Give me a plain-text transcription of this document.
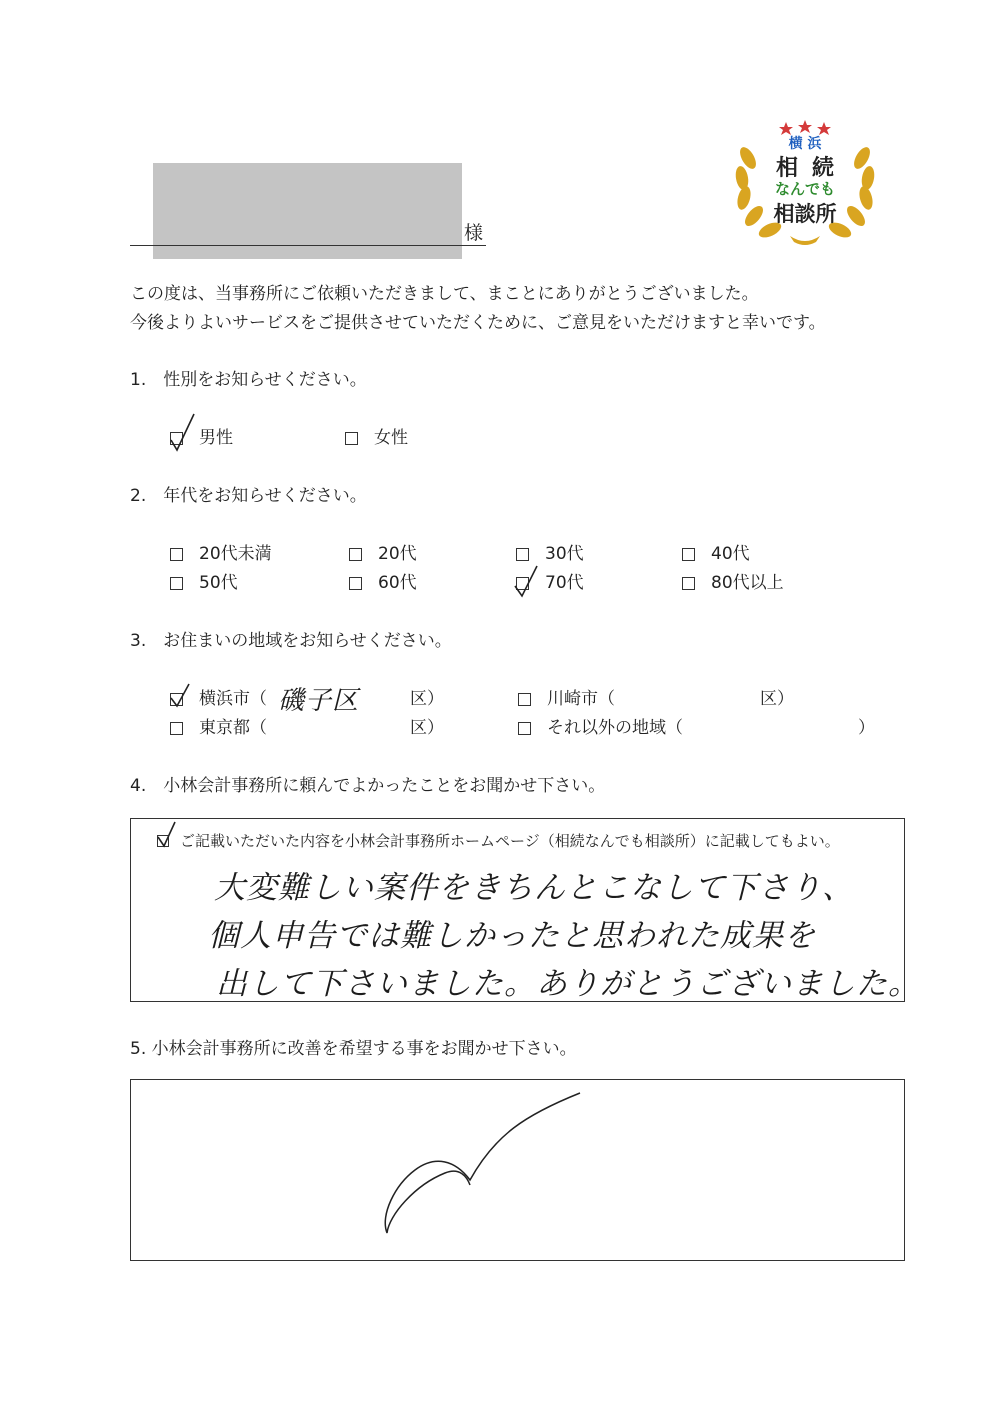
様
横 浜
相続
なんでも
相談所
この度は、当事務所にご依頼いただきまして、まことにありがとうございました。
今後よりよいサービスをご提供させていただくために、ご意見をいただけますと幸いです。
1.　性別をお知らせください。
男性	女性
2.　年代をお知らせください。
20代未満	20代	30代	40代
50代	60代	70代	80代以上
3.　お住まいの地域をお知らせください。
横浜市（ 磯子区	区）	川崎市（	区）
東京都（	区）	それ以外の地域（	）
4.　小林会計事務所に頼んでよかったことをお聞かせ下さい。
ご記載いただいた内容を小林会計事務所ホームページ（相続なんでも相談所）に記載してもよい。
大変難しい案件をきちんとこなして下さり、
個人申告では難しかったと思われた成果を
出して下さいました。ありがとうございました。
5. 小林会計事務所に改善を希望する事をお聞かせ下さい。
